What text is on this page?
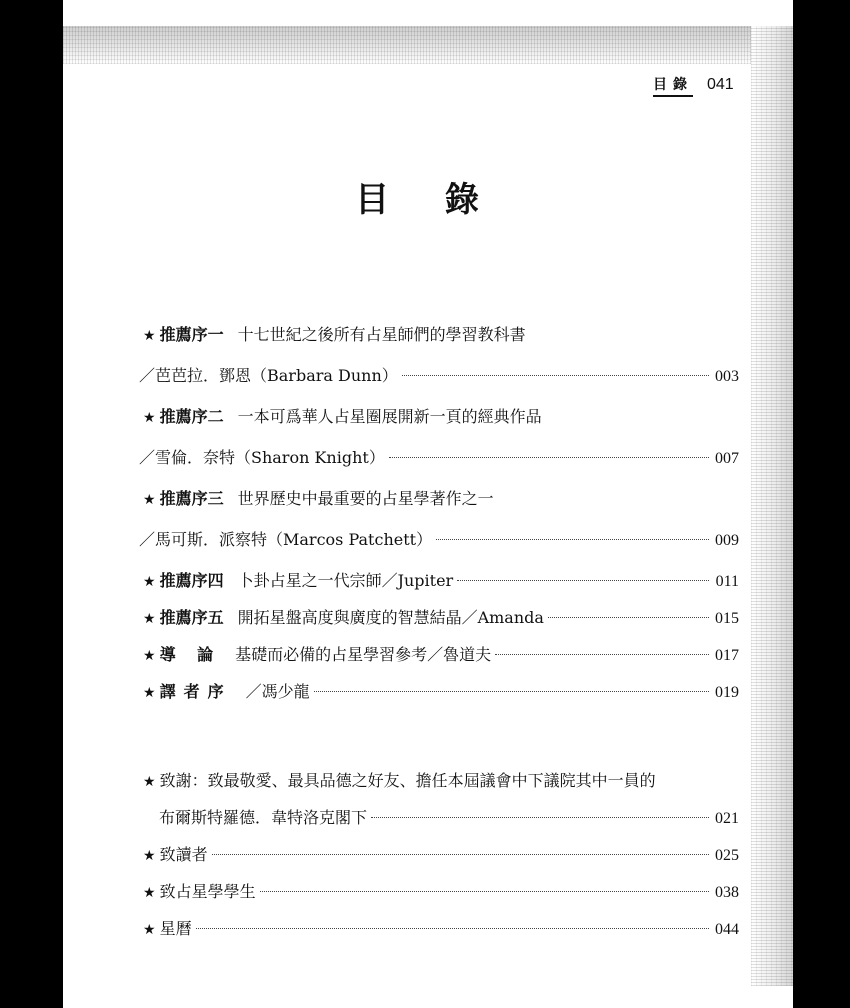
目錄 041
目 錄
★ 推薦序一 十七世紀之後所有占星師們的學習教科書
／芭芭拉．鄧恩（Barbara Dunn）	003
★ 推薦序二 一本可爲華人占星圈展開新一頁的經典作品
／雪倫．奈特（Sharon Knight）	007
★ 推薦序三 世界歷史中最重要的占星學著作之一
／馬可斯．派察特（Marcos Patchett）	009
★ 推薦序四 卜卦占星之一代宗師／Jupiter	011
★ 推薦序五 開拓星盤高度與廣度的智慧結晶／Amanda	015
★ 導 論 基礎而必備的占星學習參考／魯道夫	017
★ 譯者序 ／馮少龍	019
★ 致謝：致最敬愛、最具品德之好友、擔任本屆議會中下議院其中一員的
布爾斯特羅德．韋特洛克閣下	021
★ 致讀者	025
★ 致占星學學生	038
★ 星曆	044
